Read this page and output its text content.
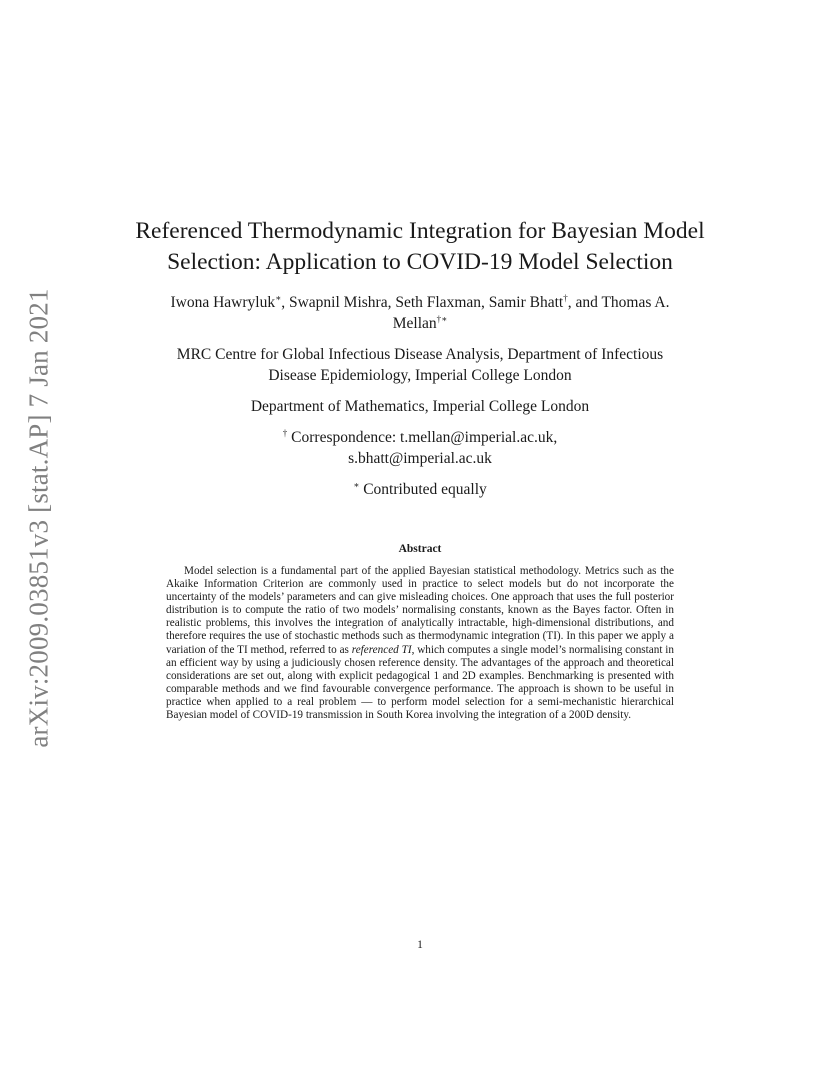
arXiv:2009.03851v3 [stat.AP] 7 Jan 2021
Referenced Thermodynamic Integration for Bayesian Model
Selection: Application to COVID-19 Model Selection
Iwona Hawryluk∗, Swapnil Mishra, Seth Flaxman, Samir Bhatt†, and Thomas A.
Mellan†∗
MRC Centre for Global Infectious Disease Analysis, Department of Infectious
Disease Epidemiology, Imperial College London
Department of Mathematics, Imperial College London
† Correspondence: t.mellan@imperial.ac.uk,
s.bhatt@imperial.ac.uk
∗ Contributed equally
Abstract

Model selection is a fundamental part of the applied Bayesian statistical methodology. Metrics such as the Akaike Information Criterion are commonly used in practice to select models but do not incorporate the uncertainty of the models’ parameters and can give misleading choices. One approach that uses the full posterior distribution is to compute the ratio of two models’ normalising constants, known as the Bayes factor. Often in realistic problems, this involves the integration of analytically intractable, high-dimensional distributions, and therefore requires the use of stochastic methods such as thermodynamic integration (TI). In this paper we apply a variation of the TI method, referred to as referenced TI, which computes a single model’s normalising constant in an efficient way by using a judiciously chosen reference density. The advantages of the approach and theoretical considerations are set out, along with explicit pedagogical 1 and 2D examples. Benchmarking is presented with comparable methods and we find favourable convergence performance. The approach is shown to be useful in practice when applied to a real problem — to perform model selection for a semi-mechanistic hierarchical Bayesian model of COVID-19 transmission in South Korea involving the integration of a 200D density.

1
